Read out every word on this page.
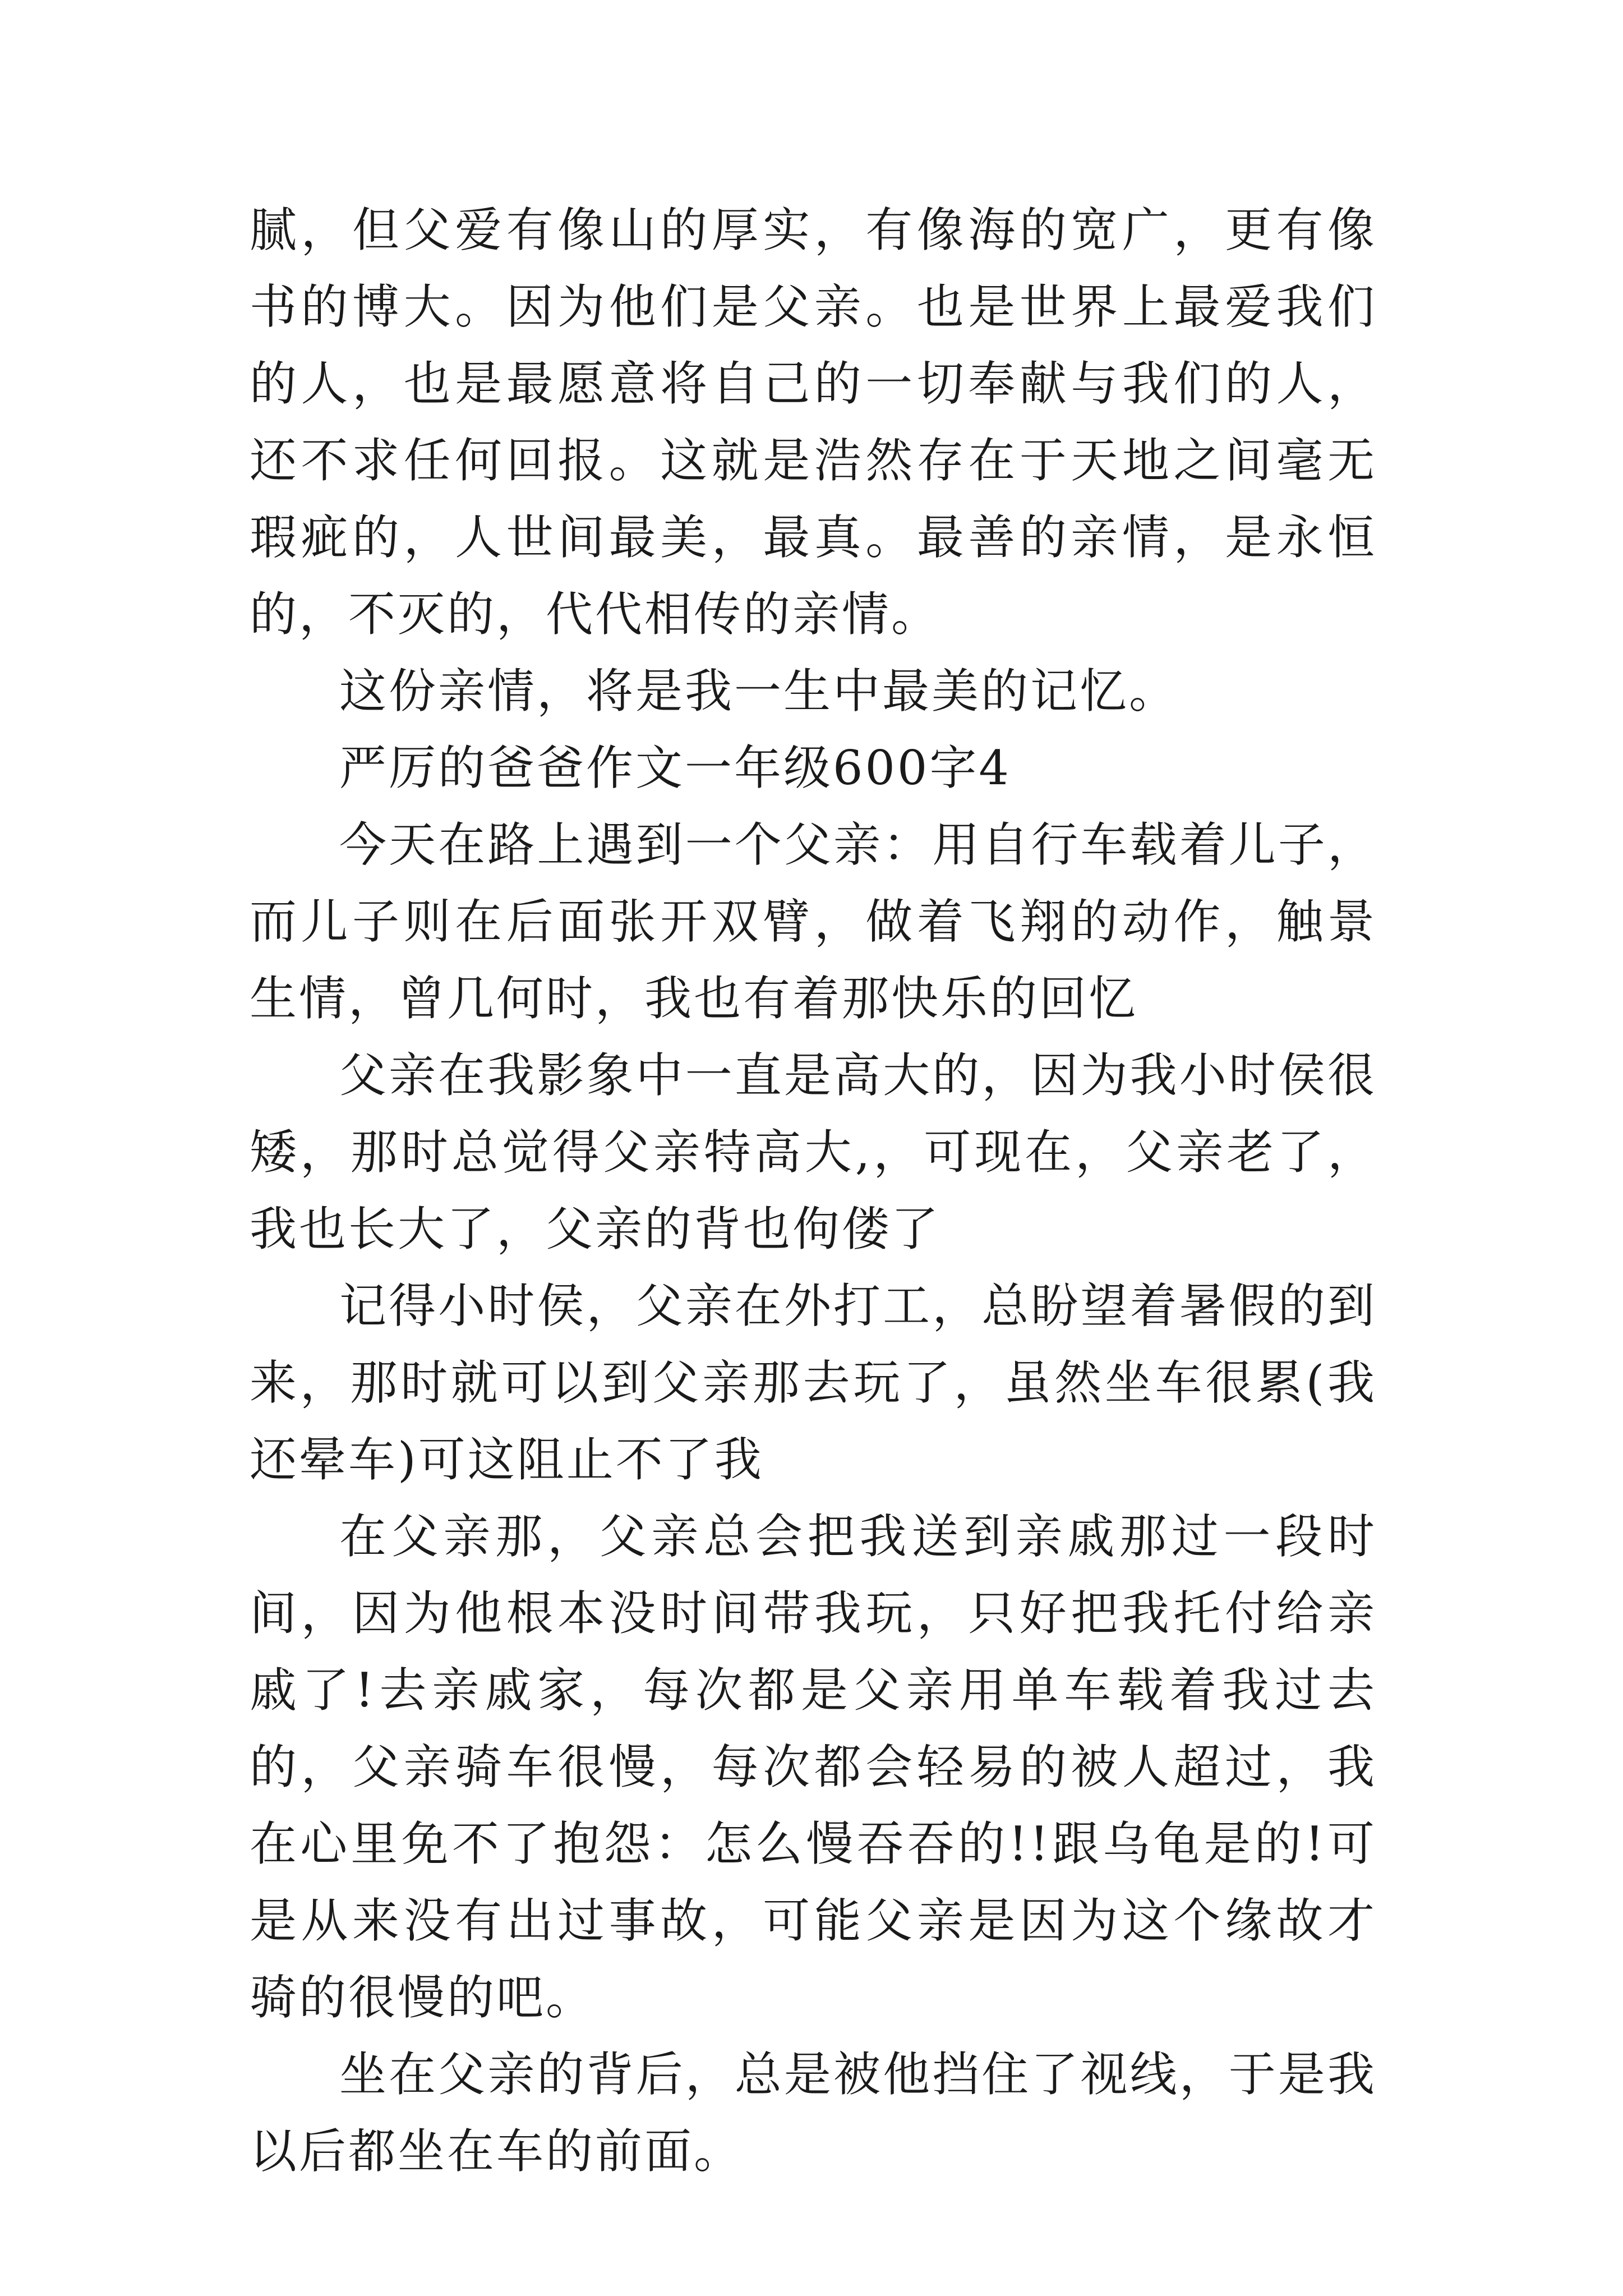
腻，但父爱有像山的厚实，有像海的宽广，更有像书的博大。因为他们是父亲。也是世界上最爱我们的人，也是最愿意将自己的一切奉献与我们的人，还不求任何回报。这就是浩然存在于天地之间毫无瑕疵的，人世间最美，最真。最善的亲情，是永恒的，不灭的，代代相传的亲情。

这份亲情，将是我一生中最美的记忆。

严厉的爸爸作文一年级600字4

今天在路上遇到一个父亲：用自行车载着儿子，而儿子则在后面张开双臂，做着飞翔的动作，触景生情，曾几何时，我也有着那快乐的回忆

父亲在我影象中一直是高大的，因为我小时侯很矮，那时总觉得父亲特高大,，可现在，父亲老了，我也长大了，父亲的背也佝偻了

记得小时侯，父亲在外打工，总盼望着暑假的到来，那时就可以到父亲那去玩了，虽然坐车很累(我还晕车)可这阻止不了我

在父亲那，父亲总会把我送到亲戚那过一段时间，因为他根本没时间带我玩，只好把我托付给亲戚了!去亲戚家，每次都是父亲用单车载着我过去的，父亲骑车很慢，每次都会轻易的被人超过，我在心里免不了抱怨：怎么慢吞吞的!!跟乌龟是的!可是从来没有出过事故，可能父亲是因为这个缘故才骑的很慢的吧。

坐在父亲的背后，总是被他挡住了视线，于是我以后都坐在车的前面。
